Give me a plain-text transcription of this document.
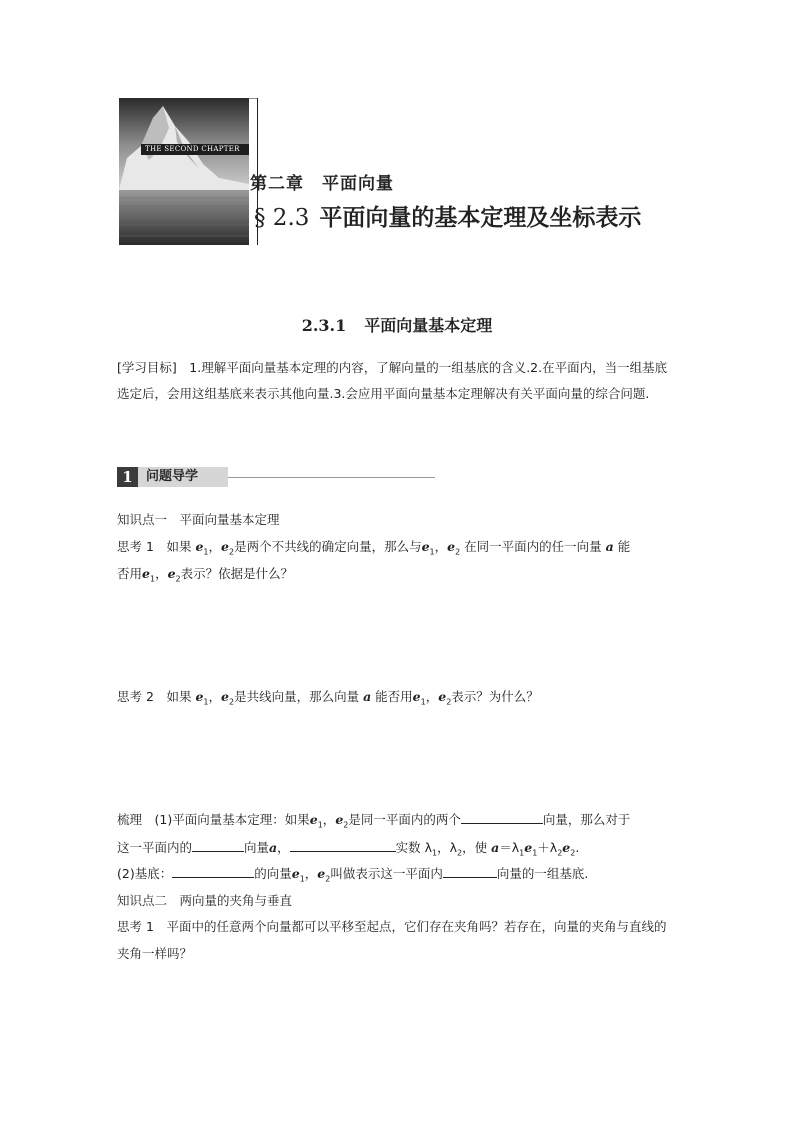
THE SECOND CHAPTER
第二章　平面向量
§ 2.3 平面向量的基本定理及坐标表示
2.3.1 平面向量基本定理
[学习目标]　 1.理解平面向量基本定理的内容，了解向量的一组基底的含义.2.在平面内，当一组基底选定后，会用这组基底来表示其他向量.3.会应用平面向量基本定理解决有关平面向量的综合问题.
1	问题导学
知识点一　平面向量基本定理
思考 1　 如果 $e_1$，$e_2$是两个不共线的确定向量，那么与$e_1$，$e_2$ 在同一平面内的任一向量 a 能
否用$e_1$，$e_2$表示？依据是什么？
思考 2　 如果 $e_1$，$e_2$是共线向量，那么向量 a 能否用$e_1$，$e_2$表示？为什么？
梳理　 (1)平面向量基本定理：如果$e_1$，$e_2$是同一平面内的两个	向量，那么对于
这一平面内的	向量a，	实数 $\lambda_1$，$\lambda_2$，使 $a=\lambda_1e_1+\lambda_2e_2$.
(2)基底：	的向量$e_1$，$e_2$叫做表示这一平面内	向量的一组基底.
知识点二　两向量的夹角与垂直
思考 1　 平面中的任意两个向量都可以平移至起点，它们存在夹角吗？若存在，向量的夹角与直线的夹角一样吗？
